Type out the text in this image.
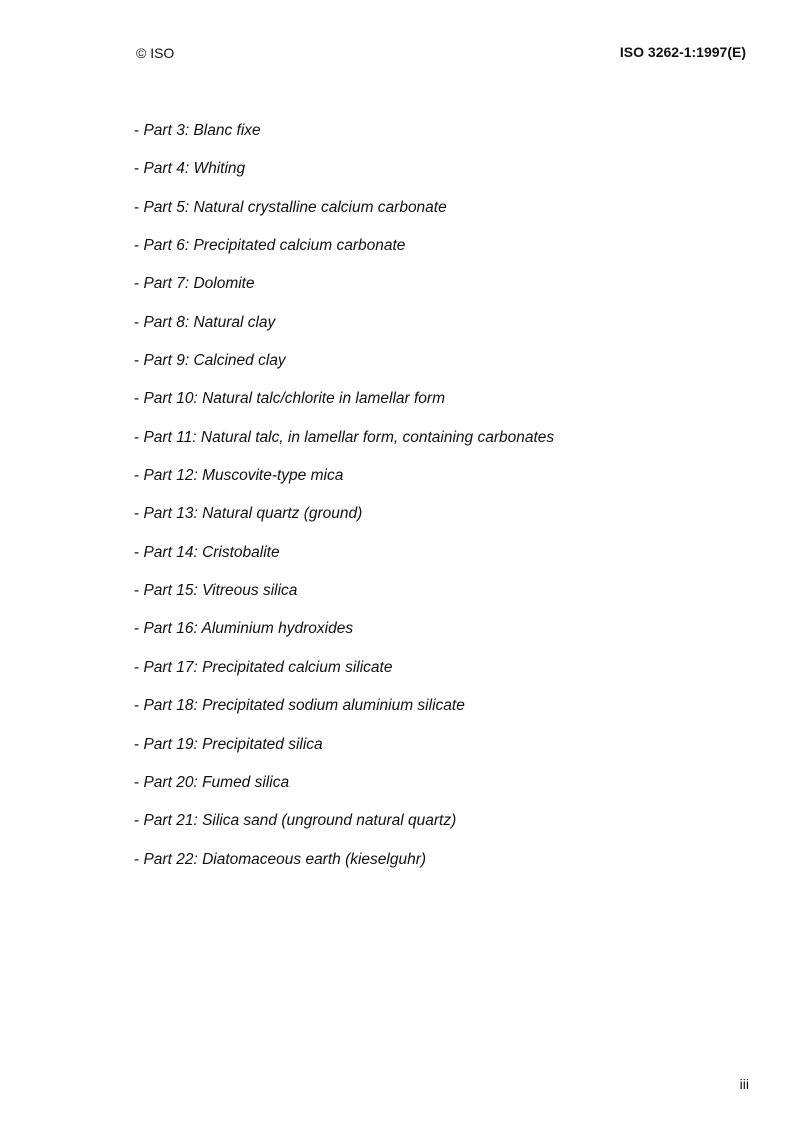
© ISO	ISO 3262-1:1997(E)
- Part 3: Blanc fixe
- Part 4: Whiting
- Part 5: Natural crystalline calcium carbonate
- Part 6: Precipitated calcium carbonate
- Part 7: Dolomite
- Part 8: Natural clay
- Part 9: Calcined clay
- Part 10: Natural talc/chlorite in lamellar form
- Part 11: Natural talc, in lamellar form, containing carbonates
- Part 12: Muscovite-type mica
- Part 13: Natural quartz (ground)
- Part 14: Cristobalite
- Part 15: Vitreous silica
- Part 16: Aluminium hydroxides
- Part 17: Precipitated calcium silicate
- Part 18: Precipitated sodium aluminium silicate
- Part 19: Precipitated silica
- Part 20: Fumed silica
- Part 21: Silica sand (unground natural quartz)
- Part 22: Diatomaceous earth (kieselguhr)
iii
